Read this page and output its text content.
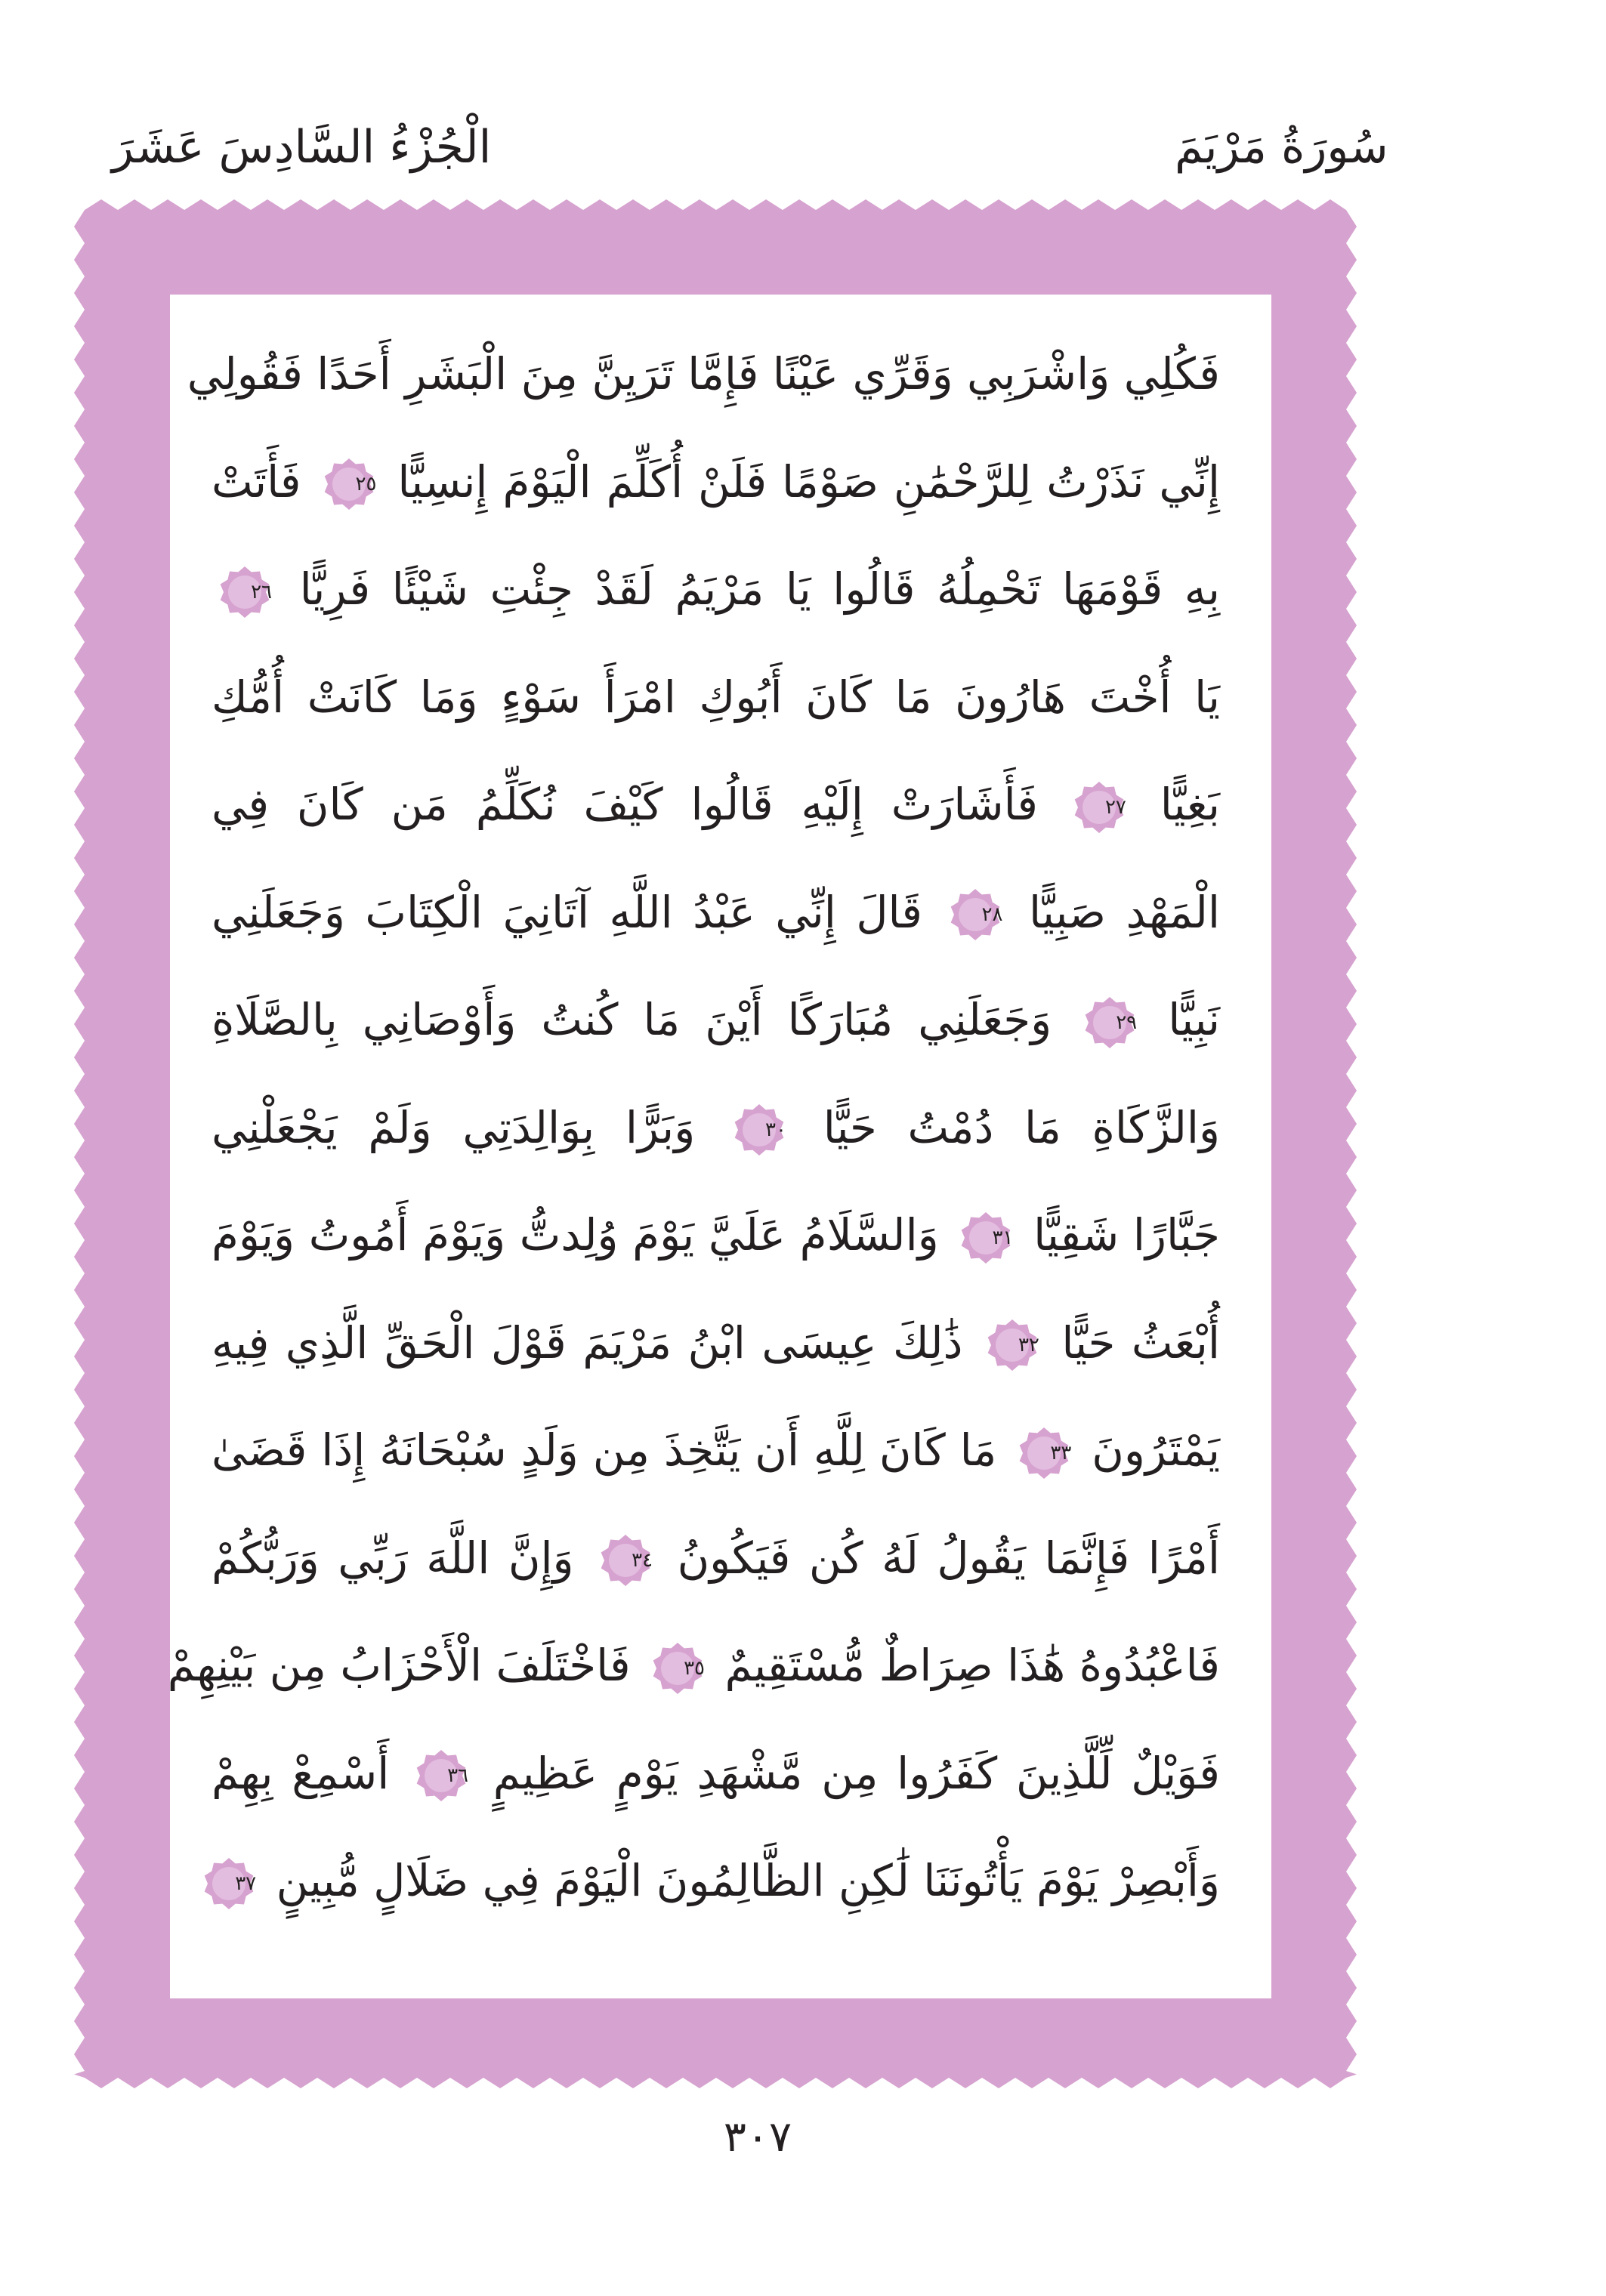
سُورَةُ مَرْيَمَ
الْجُزْءُ السَّادِسَ عَشَرَ
فَكُلِي وَاشْرَبِي وَقَرِّي عَيْنًا فَإِمَّا تَرَيِنَّ مِنَ الْبَشَرِ أَحَدًا فَقُولِي
إِنِّي نَذَرْتُ لِلرَّحْمَٰنِ صَوْمًا فَلَنْ أُكَلِّمَ الْيَوْمَ إِنسِيًّا
٢٥
فَأَتَتْ
بِهِ قَوْمَهَا تَحْمِلُهُ قَالُوا يَا مَرْيَمُ لَقَدْ جِئْتِ شَيْئًا فَرِيًّا
٢٦
يَا أُخْتَ هَارُونَ مَا كَانَ أَبُوكِ امْرَأَ سَوْءٍ وَمَا كَانَتْ أُمُّكِ
بَغِيًّا
٢٧
فَأَشَارَتْ إِلَيْهِ قَالُوا كَيْفَ نُكَلِّمُ مَن كَانَ فِي
الْمَهْدِ صَبِيًّا
٢٨
قَالَ إِنِّي عَبْدُ اللَّهِ آتَانِيَ الْكِتَابَ وَجَعَلَنِي
نَبِيًّا
٢٩
وَجَعَلَنِي مُبَارَكًا أَيْنَ مَا كُنتُ وَأَوْصَانِي بِالصَّلَاةِ
وَالزَّكَاةِ مَا دُمْتُ حَيًّا
٣٠
وَبَرًّا بِوَالِدَتِي وَلَمْ يَجْعَلْنِي
جَبَّارًا شَقِيًّا
٣١
وَالسَّلَامُ عَلَيَّ يَوْمَ وُلِدتُّ وَيَوْمَ أَمُوتُ وَيَوْمَ
أُبْعَثُ حَيًّا
٣٢
ذَٰلِكَ عِيسَى ابْنُ مَرْيَمَ قَوْلَ الْحَقِّ الَّذِي فِيهِ
يَمْتَرُونَ
٣٣
مَا كَانَ لِلَّهِ أَن يَتَّخِذَ مِن وَلَدٍ سُبْحَانَهُ إِذَا قَضَىٰ
أَمْرًا فَإِنَّمَا يَقُولُ لَهُ كُن فَيَكُونُ
٣٤
وَإِنَّ اللَّهَ رَبِّي وَرَبُّكُمْ
فَاعْبُدُوهُ هَٰذَا صِرَاطٌ مُّسْتَقِيمٌ
٣٥
فَاخْتَلَفَ الْأَحْزَابُ مِن بَيْنِهِمْ
فَوَيْلٌ لِّلَّذِينَ كَفَرُوا مِن مَّشْهَدِ يَوْمٍ عَظِيمٍ
٣٦
أَسْمِعْ بِهِمْ
وَأَبْصِرْ يَوْمَ يَأْتُونَنَا لَٰكِنِ الظَّالِمُونَ الْيَوْمَ فِي ضَلَالٍ مُّبِينٍ
٣٧
٣٠٧
